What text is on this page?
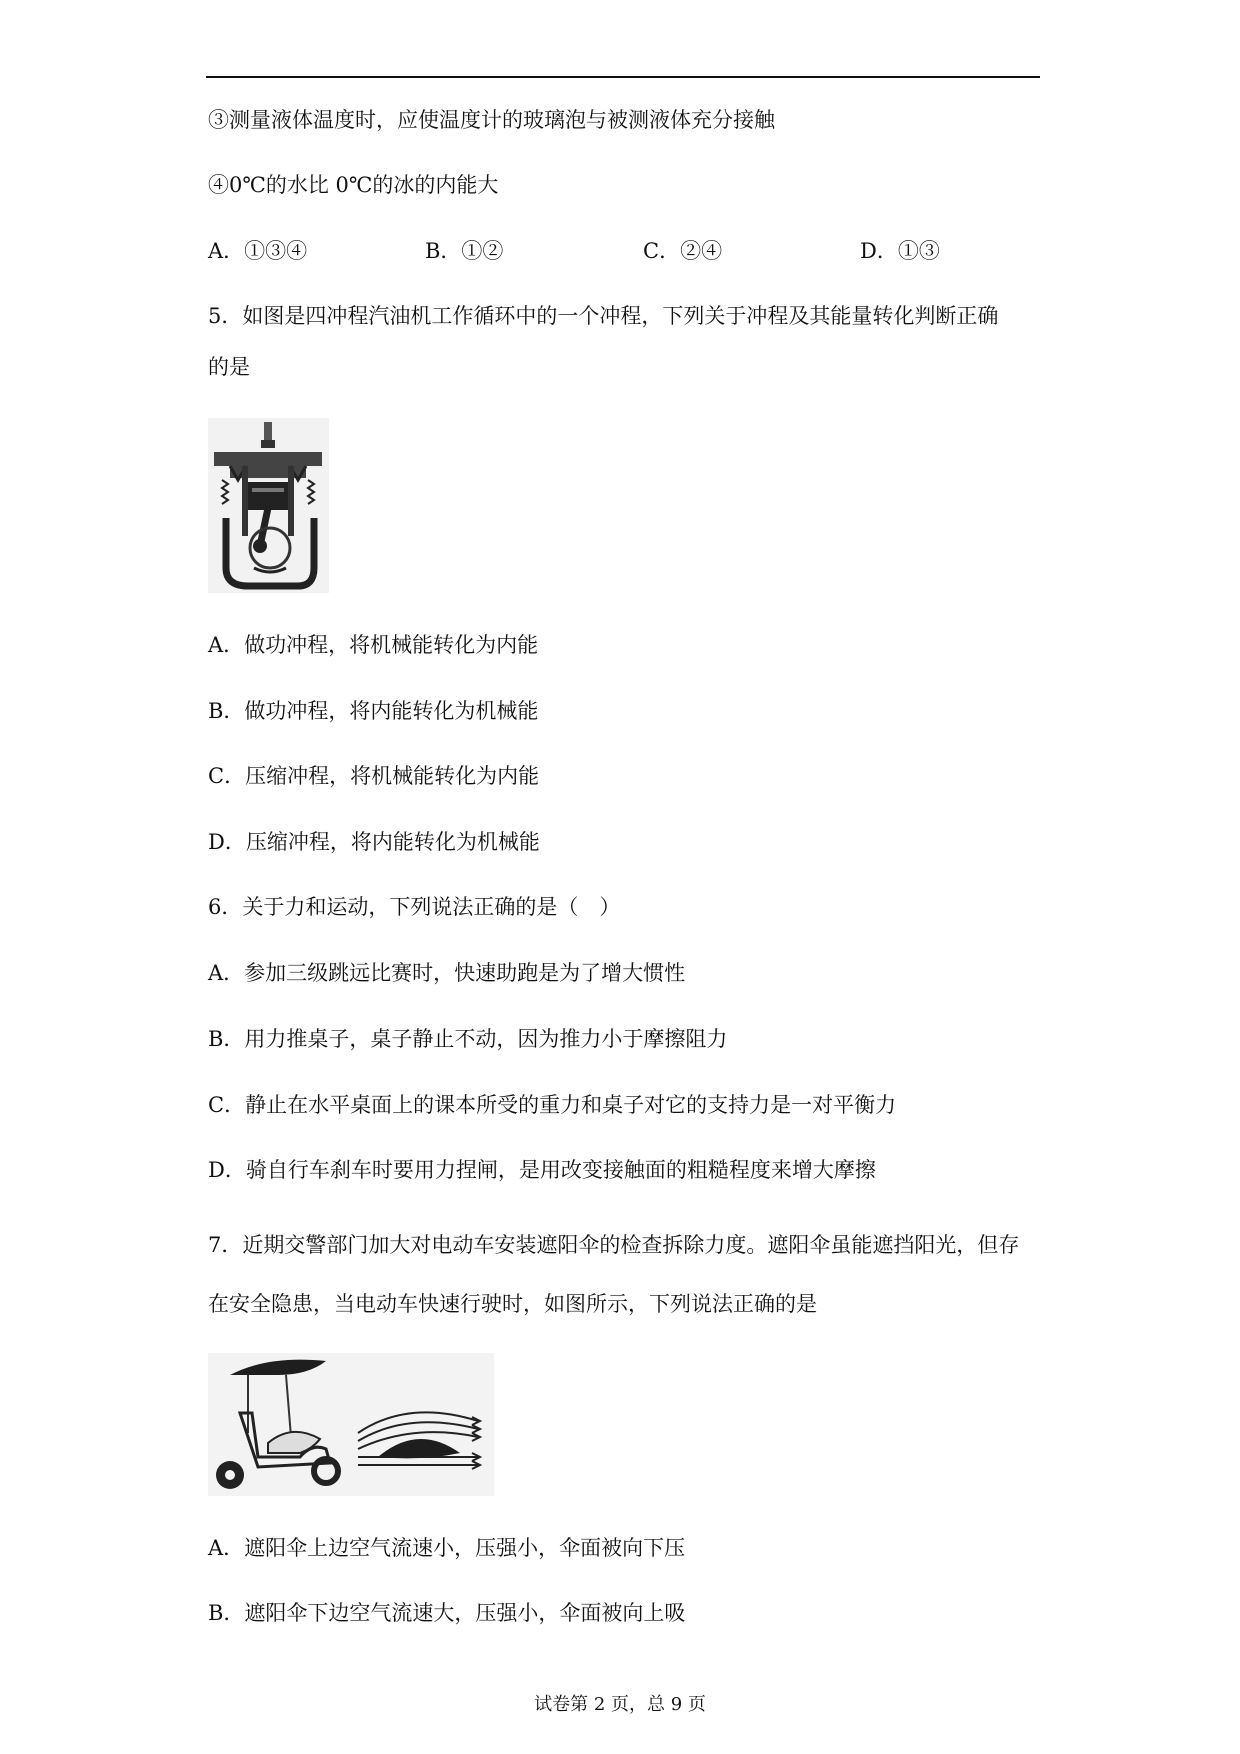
③测量液体温度时，应使温度计的玻璃泡与被测液体充分接触
④0℃的水比 0℃的冰的内能大
A．①③④	B．①②	C．②④	D．①③
5．如图是四冲程汽油机工作循环中的一个冲程，下列关于冲程及其能量转化判断正确
的是
A．做功冲程，将机械能转化为内能
B．做功冲程，将内能转化为机械能
C．压缩冲程，将机械能转化为内能
D．压缩冲程，将内能转化为机械能
6．关于力和运动，下列说法正确的是（　）
A．参加三级跳远比赛时，快速助跑是为了增大惯性
B．用力推桌子，桌子静止不动，因为推力小于摩擦阻力
C．静止在水平桌面上的课本所受的重力和桌子对它的支持力是一对平衡力
D．骑自行车刹车时要用力捏闸，是用改变接触面的粗糙程度来增大摩擦
7．近期交警部门加大对电动车安装遮阳伞的检查拆除力度。遮阳伞虽能遮挡阳光，但存
在安全隐患，当电动车快速行驶时，如图所示，下列说法正确的是
A．遮阳伞上边空气流速小，压强小，伞面被向下压
B．遮阳伞下边空气流速大，压强小，伞面被向上吸
试卷第 2 页，总 9 页
